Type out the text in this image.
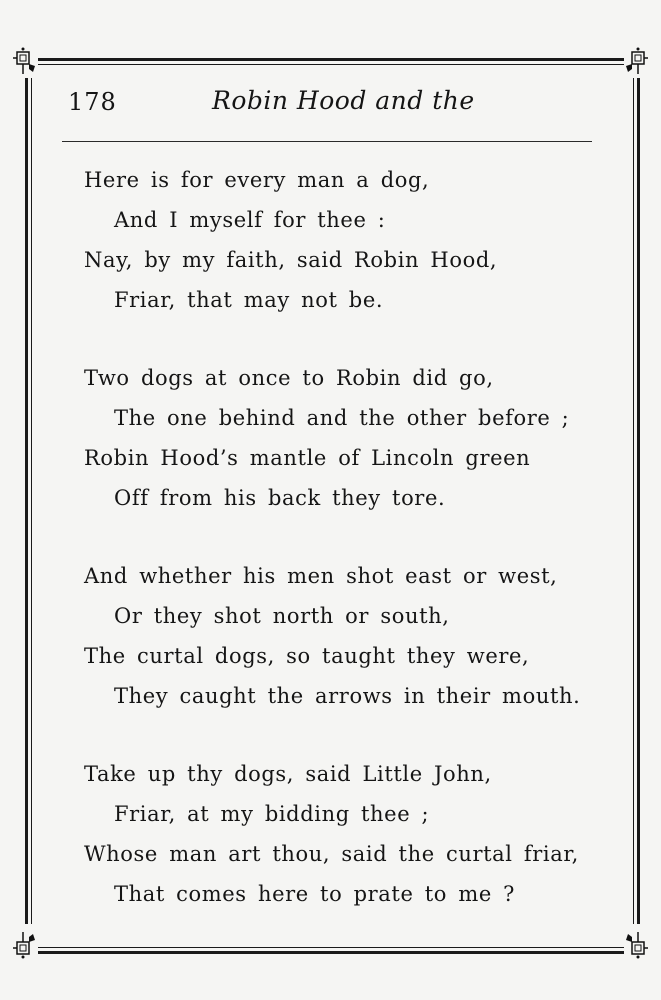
178	Robin Hood and the
Here is for every man a dog,
And I myself for thee :
Nay, by my faith, said Robin Hood,
Friar, that may not be.
Two dogs at once to Robin did go,
The one behind and the other before ;
Robin Hood’s mantle of Lincoln green
Off from his back they tore.
And whether his men shot east or west,
Or they shot north or south,
The curtal dogs, so taught they were,
They caught the arrows in their mouth.
Take up thy dogs, said Little John,
Friar, at my bidding thee ;
Whose man art thou, said the curtal friar,
That comes here to prate to me ?
